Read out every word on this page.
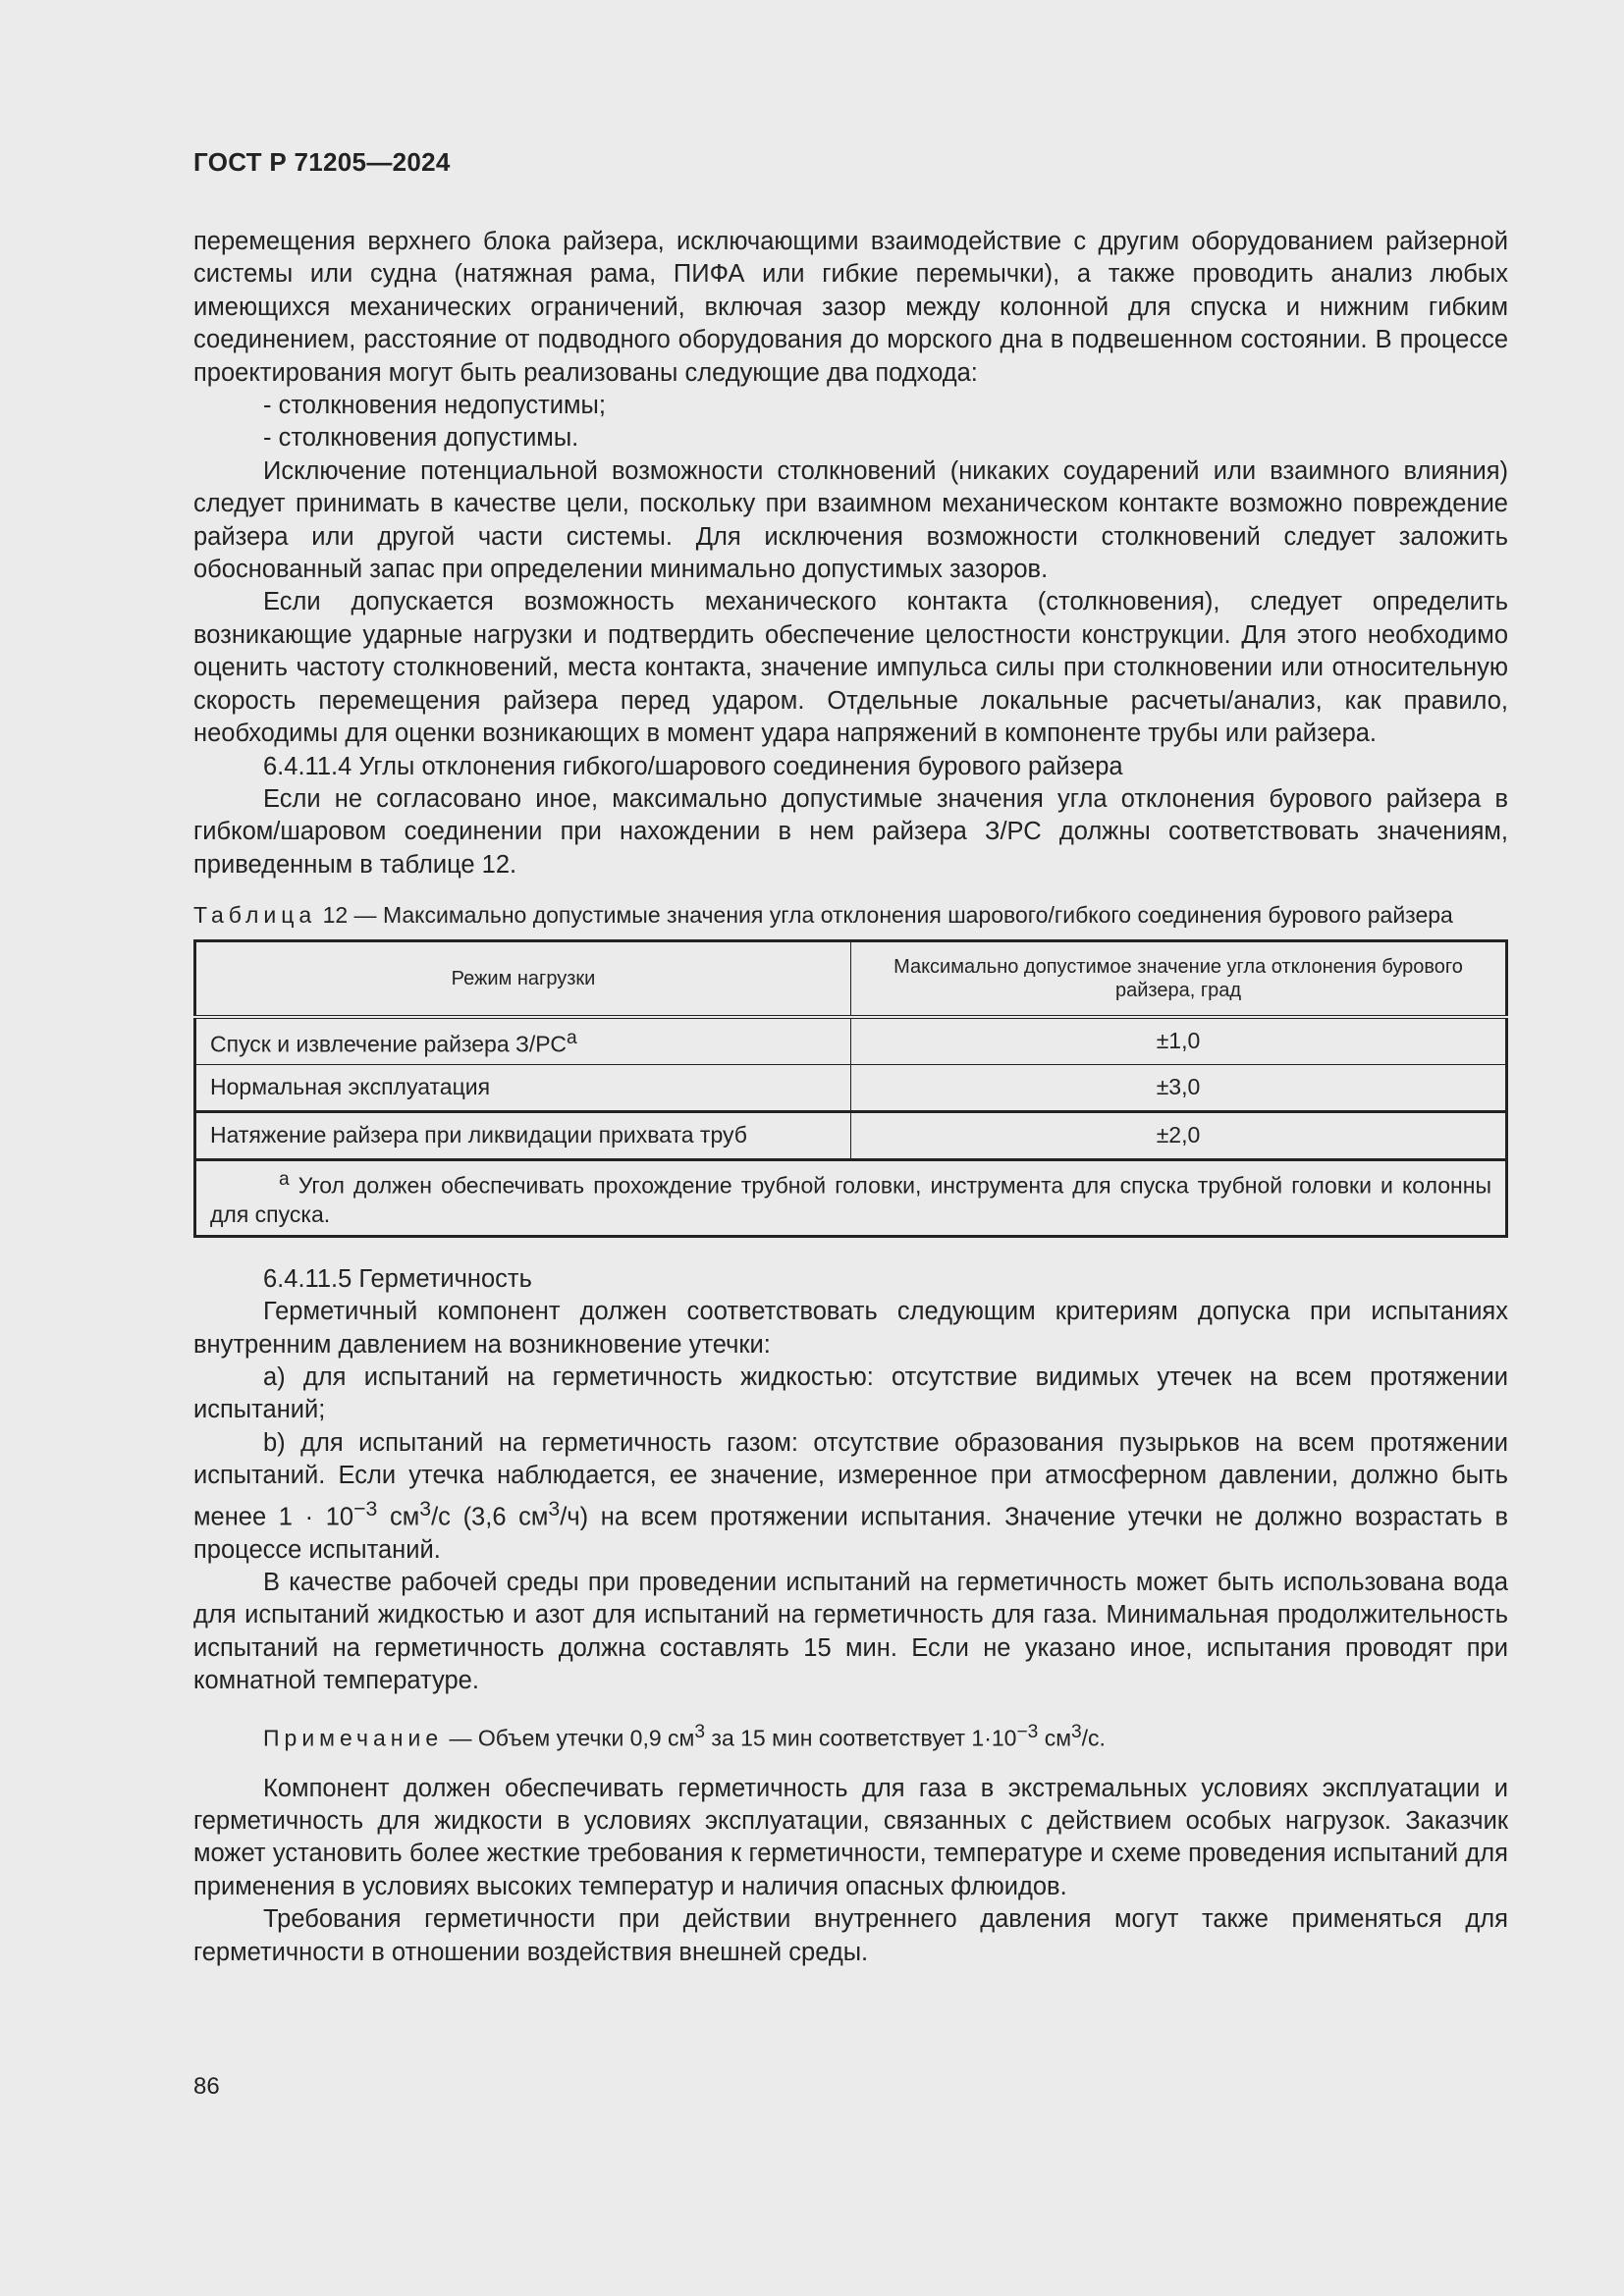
ГОСТ Р 71205—2024

перемещения верхнего блока райзера, исключающими взаимодействие с другим оборудованием райзерной системы или судна (натяжная рама, ПИФА или гибкие перемычки), а также проводить анализ любых имеющихся механических ограничений, включая зазор между колонной для спуска и нижним гибким соединением, расстояние от подводного оборудования до морского дна в подвешенном состоянии. В процессе проектирования могут быть реализованы следующие два подхода:

- столкновения недопустимы;

- столкновения допустимы.

Исключение потенциальной возможности столкновений (никаких соударений или взаимного влияния) следует принимать в качестве цели, поскольку при взаимном механическом контакте возможно повреждение райзера или другой части системы. Для исключения возможности столкновений следует заложить обоснованный запас при определении минимально допустимых зазоров.

Если допускается возможность механического контакта (столкновения), следует определить возникающие ударные нагрузки и подтвердить обеспечение целостности конструкции. Для этого необходимо оценить частоту столкновений, места контакта, значение импульса силы при столкновении или относительную скорость перемещения райзера перед ударом. Отдельные локальные расчеты/анализ, как правило, необходимы для оценки возникающих в момент удара напряжений в компоненте трубы или райзера.

6.4.11.4 Углы отклонения гибкого/шарового соединения бурового райзера

Если не согласовано иное, максимально допустимые значения угла отклонения бурового райзера в гибком/шаровом соединении при нахождении в нем райзера З/РС должны соответствовать значениям, приведенным в таблице 12.

Таблица 12 — Максимально допустимые значения угла отклонения шарового/гибкого соединения бурового райзера
Режим нагрузки	Максимально допустимое значение угла отклонения бурового райзера, град
Спуск и извлечение райзера $З/РС^a$	±1,0
Нормальная эксплуатация	±3,0
Натяжение райзера при ликвидации прихвата труб	±2,0
$^a$ Угол должен обеспечивать прохождение трубной головки, инструмента для спуска трубной головки и колонны для спуска.	

6.4.11.5 Герметичность

Герметичный компонент должен соответствовать следующим критериям допуска при испытаниях внутренним давлением на возникновение утечки:

a) для испытаний на герметичность жидкостью: отсутствие видимых утечек на всем протяжении испытаний;

b) для испытаний на герметичность газом: отсутствие образования пузырьков на всем протяжении испытаний. Если утечка наблюдается, ее значение, измеренное при атмосферном давлении, должно быть менее $1 \cdot 10^{-3}$ $см^3/с$ (3,6 $см^3/ч$) на всем протяжении испытания. Значение утечки не должно возрастать в процессе испытаний.

В качестве рабочей среды при проведении испытаний на герметичность может быть использована вода для испытаний жидкостью и азот для испытаний на герметичность для газа. Минимальная продолжительность испытаний на герметичность должна составлять 15 мин. Если не указано иное, испытания проводят при комнатной температуре.

Примечание — Объем утечки 0,9 $см^3$ за 15 мин соответствует $1\cdot 10^{-3}$ $см^3/с$.

Компонент должен обеспечивать герметичность для газа в экстремальных условиях эксплуатации и герметичность для жидкости в условиях эксплуатации, связанных с действием особых нагрузок. Заказчик может установить более жесткие требования к герметичности, температуре и схеме проведения испытаний для применения в условиях высоких температур и наличия опасных флюидов.

Требования герметичности при действии внутреннего давления могут также применяться для герметичности в отношении воздействия внешней среды.

86
